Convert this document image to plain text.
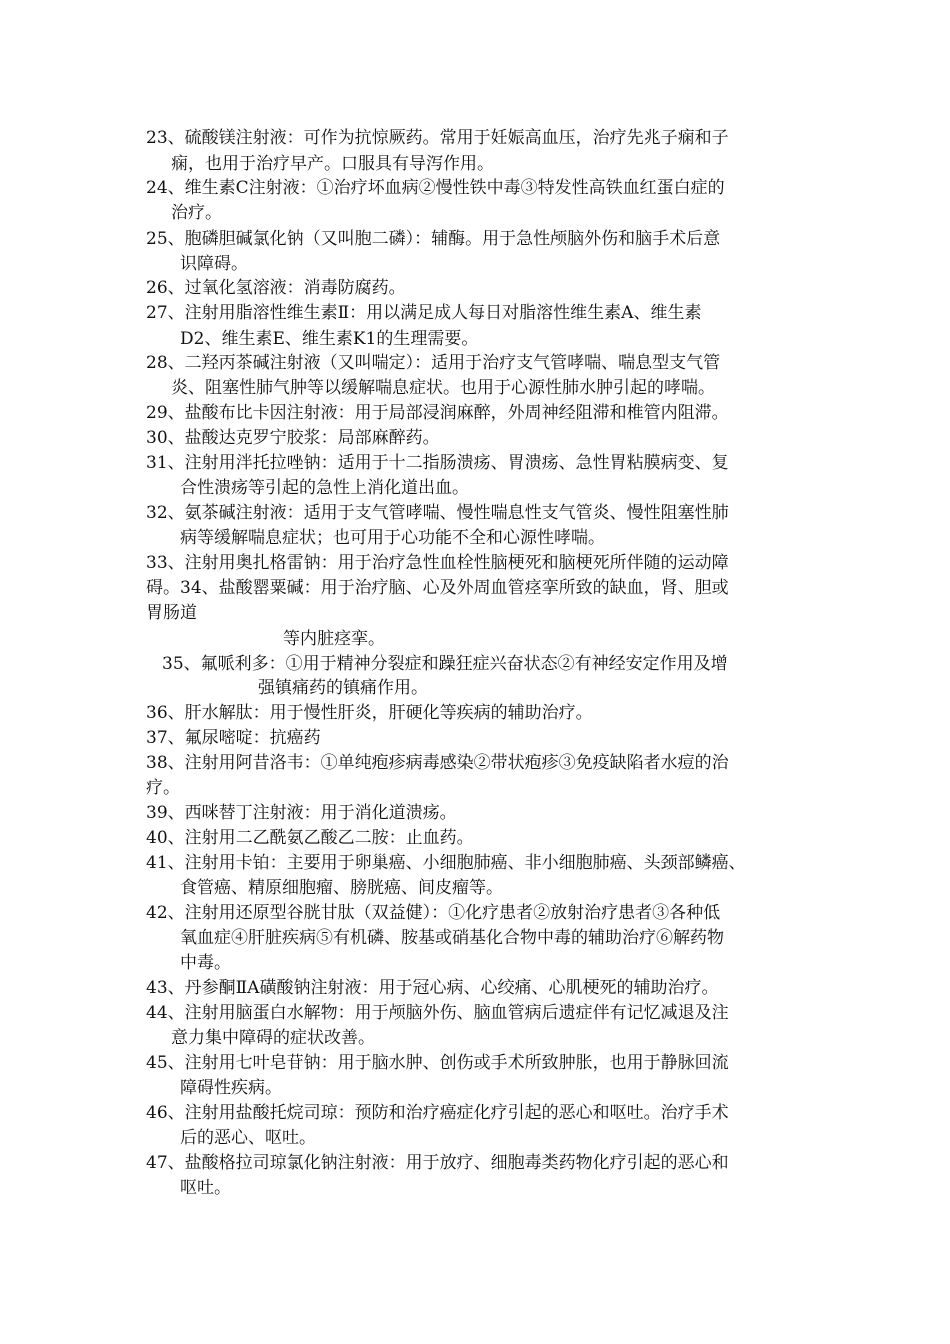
23、硫酸镁注射液：可作为抗惊厥药。常用于妊娠高血压，治疗先兆子痫和子
痫，也用于治疗早产。口服具有导泻作用。
24、维生素C注射液：①治疗坏血病②慢性铁中毒③特发性高铁血红蛋白症的
治疗。
25、胞磷胆碱氯化钠（又叫胞二磷）：辅酶。用于急性颅脑外伤和脑手术后意
识障碍。
26、过氧化氢溶液：消毒防腐药。
27、注射用脂溶性维生素Ⅱ：用以满足成人每日对脂溶性维生素A、维生素
D2、维生素E、维生素K1的生理需要。
28、二羟丙茶碱注射液（又叫喘定）：适用于治疗支气管哮喘、喘息型支气管
炎、阻塞性肺气肿等以缓解喘息症状。也用于心源性肺水肿引起的哮喘。
29、盐酸布比卡因注射液：用于局部浸润麻醉，外周神经阻滞和椎管内阻滞。
30、盐酸达克罗宁胶浆：局部麻醉药。
31、注射用泮托拉唑钠：适用于十二指肠溃疡、胃溃疡、急性胃粘膜病变、复
合性溃疡等引起的急性上消化道出血。
32、氨茶碱注射液：适用于支气管哮喘、慢性喘息性支气管炎、慢性阻塞性肺
病等缓解喘息症状；也可用于心功能不全和心源性哮喘。
33、注射用奥扎格雷钠：用于治疗急性血栓性脑梗死和脑梗死所伴随的运动障
碍。34、盐酸罂粟碱：用于治疗脑、心及外周血管痉挛所致的缺血，肾、胆或
胃肠道
等内脏痉挛。
35、氟哌利多：①用于精神分裂症和躁狂症兴奋状态②有神经安定作用及增
强镇痛药的镇痛作用。
36、肝水解肽：用于慢性肝炎，肝硬化等疾病的辅助治疗。
37、氟尿嘧啶：抗癌药
38、注射用阿昔洛韦：①单纯疱疹病毒感染②带状疱疹③免疫缺陷者水痘的治
疗。
39、西咪替丁注射液：用于消化道溃疡。
40、注射用二乙酰氨乙酸乙二胺：止血药。
41、注射用卡铂：主要用于卵巢癌、小细胞肺癌、非小细胞肺癌、头颈部鳞癌、
食管癌、精原细胞瘤、膀胱癌、间皮瘤等。
42、注射用还原型谷胱甘肽（双益健）：①化疗患者②放射治疗患者③各种低
氧血症④肝脏疾病⑤有机磷、胺基或硝基化合物中毒的辅助治疗⑥解药物
中毒。
43、丹参酮ⅡA磺酸钠注射液：用于冠心病、心绞痛、心肌梗死的辅助治疗。
44、注射用脑蛋白水解物：用于颅脑外伤、脑血管病后遗症伴有记忆减退及注
意力集中障碍的症状改善。
45、注射用七叶皂苷钠：用于脑水肿、创伤或手术所致肿胀，也用于静脉回流
障碍性疾病。
46、注射用盐酸托烷司琼：预防和治疗癌症化疗引起的恶心和呕吐。治疗手术
后的恶心、呕吐。
47、盐酸格拉司琼氯化钠注射液：用于放疗、细胞毒类药物化疗引起的恶心和
呕吐。
